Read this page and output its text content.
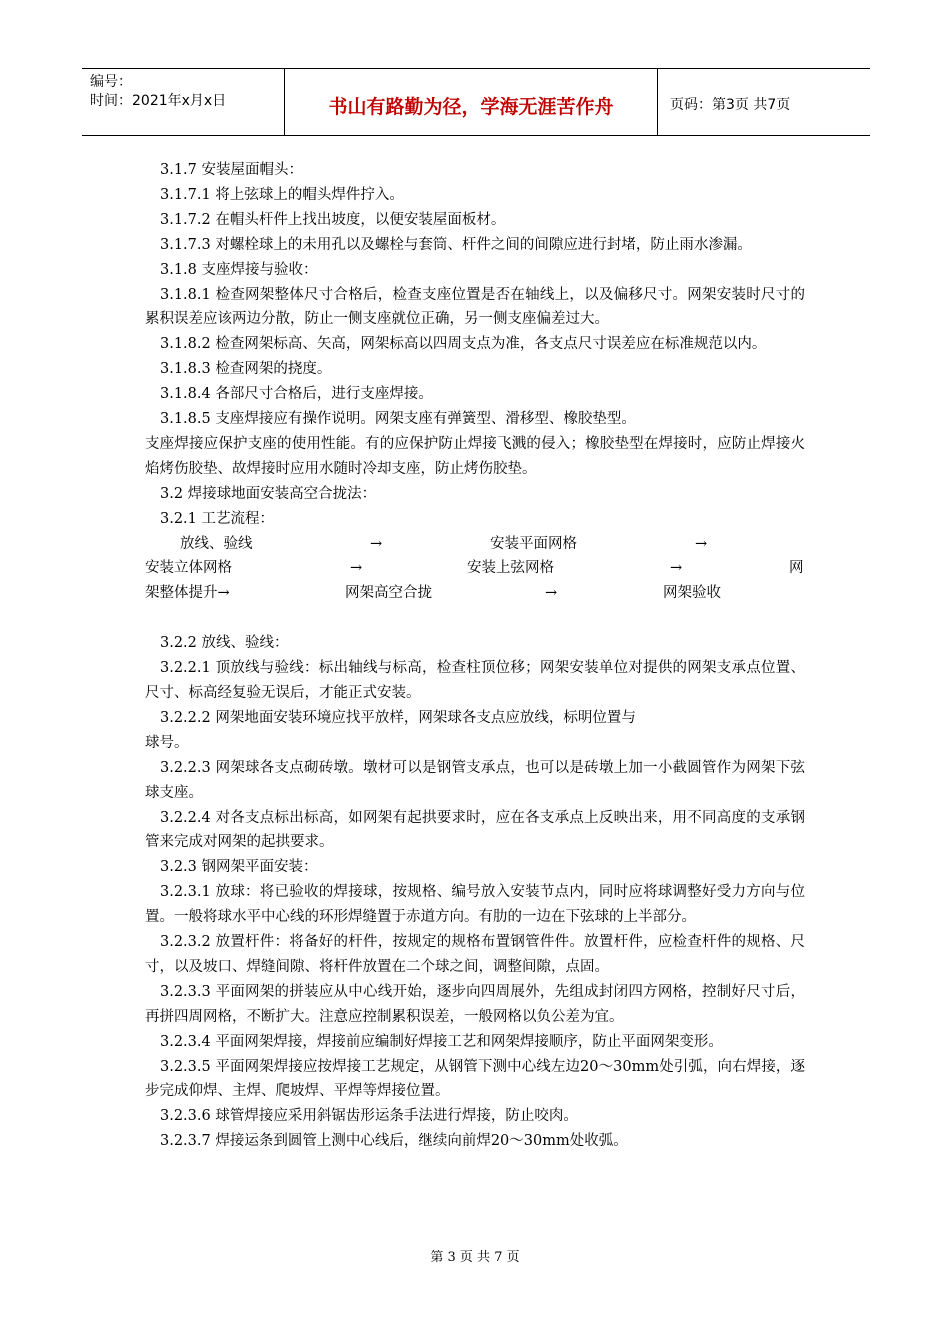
编号：
时间：2021年x月x日	书山有路勤为径，学海无涯苦作舟	页码：第3页 共7页

3.1.7 安装屋面帽头：

3.1.7.1 将上弦球上的帽头焊件拧入。

3.1.7.2 在帽头杆件上找出坡度，以便安装屋面板材。

3.1.7.3 对螺栓球上的未用孔以及螺栓与套筒、杆件之间的间隙应进行封堵，防止雨水渗漏。

3.1.8 支座焊接与验收：

3.1.8.1 检查网架整体尺寸合格后，检查支座位置是否在轴线上，以及偏移尺寸。网架安装时尺寸的累积误差应该两边分散，防止一侧支座就位正确，另一侧支座偏差过大。

3.1.8.2 检查网架标高、矢高，网架标高以四周支点为准，各支点尺寸误差应在标准规范以内。

3.1.8.3 检查网架的挠度。

3.1.8.4 各部尺寸合格后，进行支座焊接。

3.1.8.5 支座焊接应有操作说明。网架支座有弹簧型、滑移型、橡胶垫型。

支座焊接应保护支座的使用性能。有的应保护防止焊接飞溅的侵入；橡胶垫型在焊接时，应防止焊接火焰烤伤胶垫、故焊接时应用水随时冷却支座，防止烤伤胶垫。

3.2 焊接球地面安装高空合拢法：

3.2.1 工艺流程：

放线、验线	→	安装平面网格	→
安装立体网格	→	安装上弦网格	→	网
架整体提升→	网架高空合拢	→	网架验收

3.2.2 放线、验线：

3.2.2.1 顶放线与验线：标出轴线与标高，检查柱顶位移；网架安装单位对提供的网架支承点位置、尺寸、标高经复验无误后，才能正式安装。

3.2.2.2 网架地面安装环境应找平放样，网架球各支点应放线，标明位置与

球号。

3.2.2.3 网架球各支点砌砖墩。墩材可以是钢管支承点，也可以是砖墩上加一小截圆管作为网架下弦球支座。

3.2.2.4 对各支点标出标高，如网架有起拱要求时，应在各支承点上反映出来，用不同高度的支承钢管来完成对网架的起拱要求。

3.2.3 钢网架平面安装：

3.2.3.1 放球：将已验收的焊接球，按规格、编号放入安装节点内，同时应将球调整好受力方向与位置。一般将球水平中心线的环形焊缝置于赤道方向。有肋的一边在下弦球的上半部分。

3.2.3.2 放置杆件：将备好的杆件，按规定的规格布置钢管件件。放置杆件，应检查杆件的规格、尺寸，以及坡口、焊缝间隙、将杆件放置在二个球之间，调整间隙，点固。

3.2.3.3 平面网架的拼装应从中心线开始，逐步向四周展外，先组成封闭四方网格，控制好尺寸后，再拼四周网格，不断扩大。注意应控制累积误差，一般网格以负公差为宜。

3.2.3.4 平面网架焊接，焊接前应编制好焊接工艺和网架焊接顺序，防止平面网架变形。

3.2.3.5 平面网架焊接应按焊接工艺规定，从钢管下测中心线左边20～30mm处引弧，向右焊接，逐步完成仰焊、主焊、爬坡焊、平焊等焊接位置。

3.2.3.6 球管焊接应采用斜锯齿形运条手法进行焊接，防止咬肉。

3.2.3.7 焊接运条到圆管上测中心线后，继续向前焊20～30mm处收弧。

第 3 页 共 7 页
